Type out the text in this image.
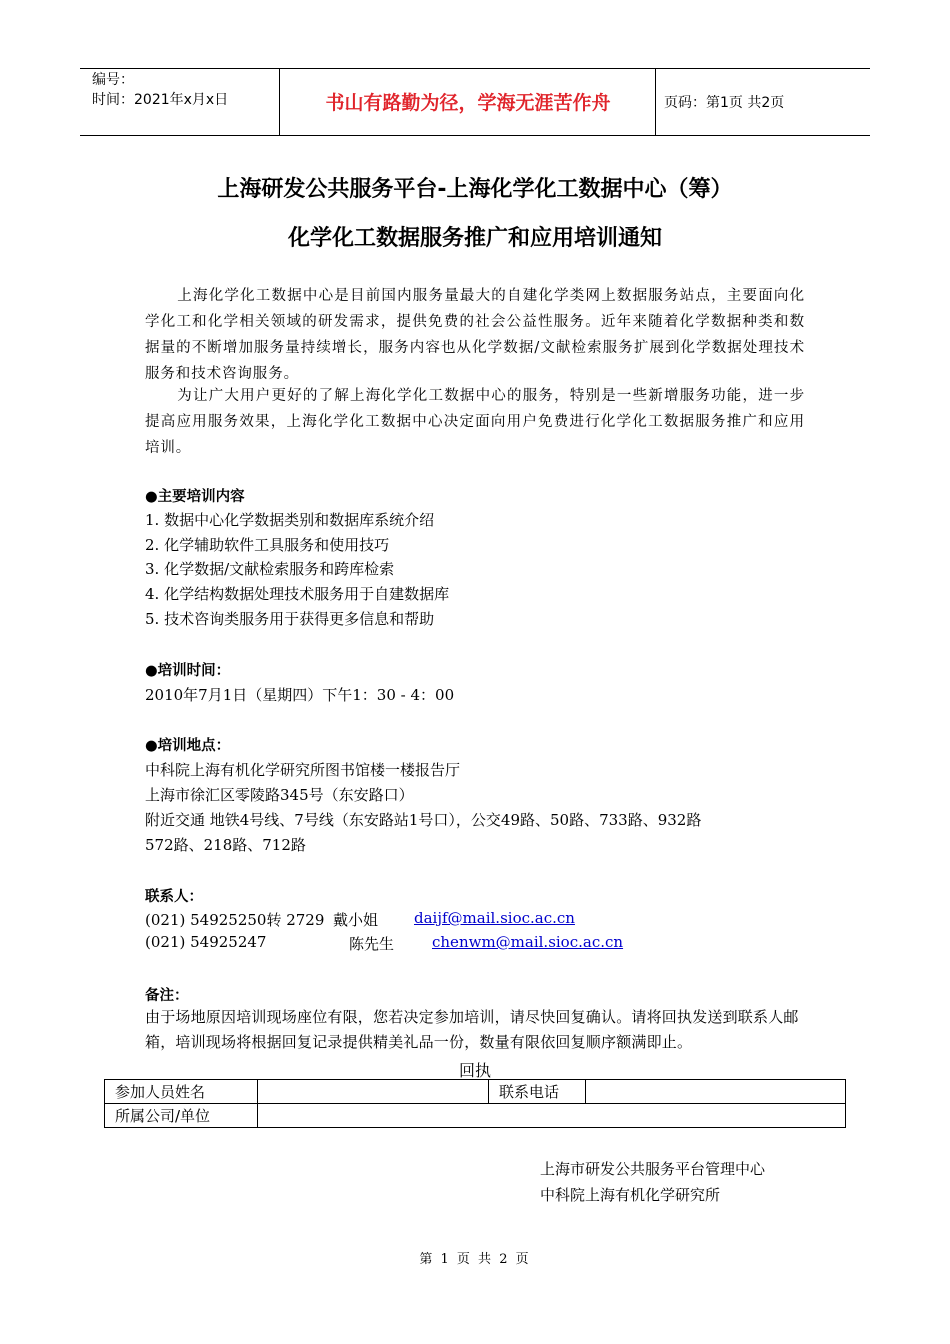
编号：
时间：2021年x月x日	书山有路勤为径，学海无涯苦作舟	页码：第1页 共2页
上海研发公共服务平台-上海化学化工数据中心（筹）
化学化工数据服务推广和应用培训通知
上海化学化工数据中心是目前国内服务量最大的自建化学类网上数据服务站点，主要面向化学化工和化学相关领域的研发需求，提供免费的社会公益性服务。近年来随着化学数据种类和数据量的不断增加服务量持续增长，服务内容也从化学数据/文献检索服务扩展到化学数据处理技术服务和技术咨询服务。
为让广大用户更好的了解上海化学化工数据中心的服务，特别是一些新增服务功能，进一步提高应用服务效果，上海化学化工数据中心决定面向用户免费进行化学化工数据服务推广和应用培训。
●主要培训内容
1. 数据中心化学数据类别和数据库系统介绍
2. 化学辅助软件工具服务和使用技巧
3. 化学数据/文献检索服务和跨库检索
4. 化学结构数据处理技术服务用于自建数据库
5. 技术咨询类服务用于获得更多信息和帮助
●培训时间：
2010年7月1日（星期四）下午1：30 - 4：00
●培训地点：
中科院上海有机化学研究所图书馆楼一楼报告厅
上海市徐汇区零陵路345号（东安路口）
附近交通 地铁4号线、7号线（东安路站1号口），公交49路、50路、733路、932路
572路、218路、712路
联系人：
(021) 54925250转 2729 戴小姐 daijf@mail.sioc.ac.cn
(021) 54925247	陈先生	chenwm@mail.sioc.ac.cn
备注：
由于场地原因培训现场座位有限，您若决定参加培训，请尽快回复确认。请将回执发送到联系人邮箱，培训现场将根据回复记录提供精美礼品一份，数量有限依回复顺序额满即止。
回执
参加人员姓名		联系电话	
所属公司/单位			
上海市研发公共服务平台管理中心
中科院上海有机化学研究所
第 1 页 共 2 页
